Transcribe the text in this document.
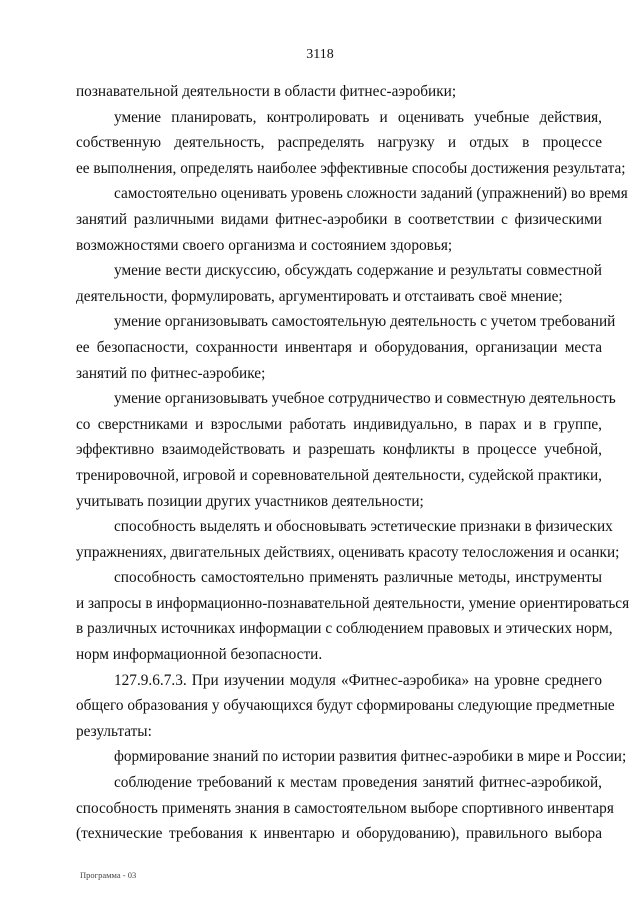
3118

познавательной деятельности в области фитнес-аэробики;

умение планировать, контролировать и оценивать учебные действия,
собственную деятельность, распределять нагрузку и отдых в процессе
ее выполнения, определять наиболее эффективные способы достижения результата;

самостоятельно оценивать уровень сложности заданий (упражнений) во время
занятий различными видами фитнес-аэробики в соответствии с физическими
возможностями своего организма и состоянием здоровья;

умение вести дискуссию, обсуждать содержание и результаты совместной
деятельности, формулировать, аргументировать и отстаивать своё мнение;

умение организовывать самостоятельную деятельность с учетом требований
ее безопасности, сохранности инвентаря и оборудования, организации места
занятий по фитнес-аэробике;

умение организовывать учебное сотрудничество и совместную деятельность
со сверстниками и взрослыми работать индивидуально, в парах и в группе,
эффективно взаимодействовать и разрешать конфликты в процессе учебной,
тренировочной, игровой и соревновательной деятельности, судейской практики,
учитывать позиции других участников деятельности;

способность выделять и обосновывать эстетические признаки в физических
упражнениях, двигательных действиях, оценивать красоту телосложения и осанки;

способность самостоятельно применять различные методы, инструменты
и запросы в информационно-познавательной деятельности, умение ориентироваться
в различных источниках информации с соблюдением правовых и этических норм,
норм информационной безопасности.

127.9.6.7.3. При изучении модуля «Фитнес-аэробика» на уровне среднего
общего образования у обучающихся будут сформированы следующие предметные
результаты:

формирование знаний по истории развития фитнес-аэробики в мире и России;

соблюдение требований к местам проведения занятий фитнес-аэробикой,
способность применять знания в самостоятельном выборе спортивного инвентаря
(технические требования к инвентарю и оборудованию), правильного выбора

Программа - 03
